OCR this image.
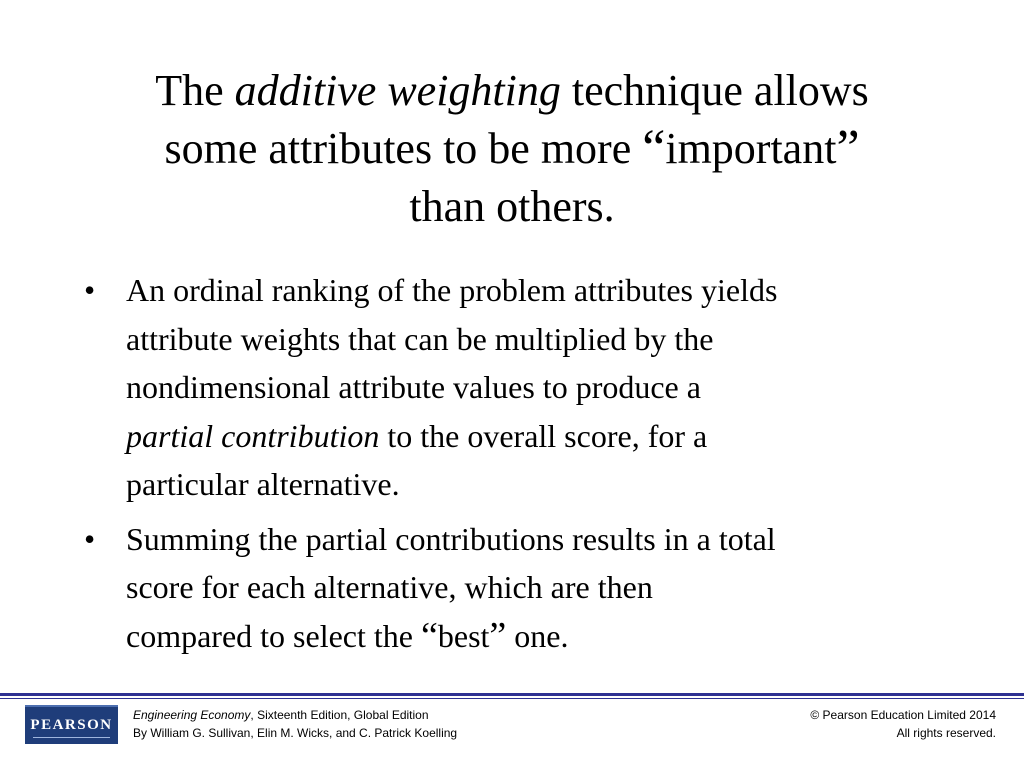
The additive weighting technique allows
some attributes to be more “important”
than others.
• An ordinal ranking of the problem attributes yields
attribute weights that can be multiplied by the
nondimensional attribute values to produce a
partial contribution to the overall score, for a
particular alternative.
• Summing the partial contributions results in a total
score for each alternative, which are then
compared to select the “best” one.
PEARSON
Engineering Economy, Sixteenth Edition, Global Edition
By William G. Sullivan, Elin M. Wicks, and C. Patrick Koelling
© Pearson Education Limited 2014
All rights reserved.
